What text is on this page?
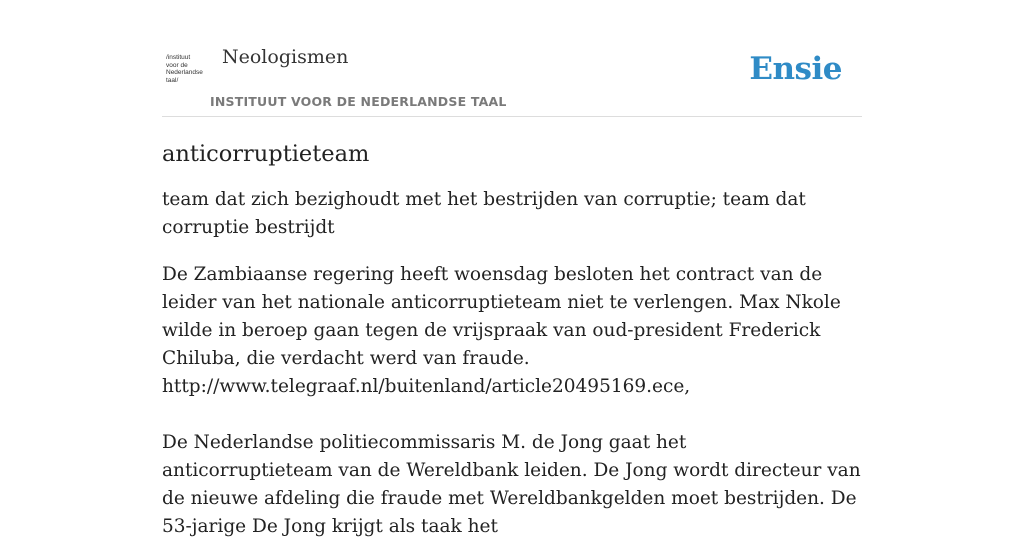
/instituut
voor de
Nederlandse
taal/
Neologismen
INSTITUUT VOOR DE NEDERLANDSE TAAL
Ensie
anticorruptieteam

team dat zich bezighoudt met het bestrijden van corruptie; team dat corruptie bestrijdt

De Zambiaanse regering heeft woensdag besloten het contract van de leider van het nationale anticorruptieteam niet te verlengen. Max Nkole wilde in beroep gaan tegen de vrijspraak van oud-president Frederick Chiluba, die verdacht werd van fraude.
http://www.telegraaf.nl/buitenland/article20495169.ece,
De Nederlandse politiecommissaris M. de Jong gaat het anticorruptieteam van de Wereldbank leiden. De Jong wordt directeur van de nieuwe afdeling die fraude met Wereldbankgelden moet bestrijden. De 53-jarige De Jong krijgt als taak het
